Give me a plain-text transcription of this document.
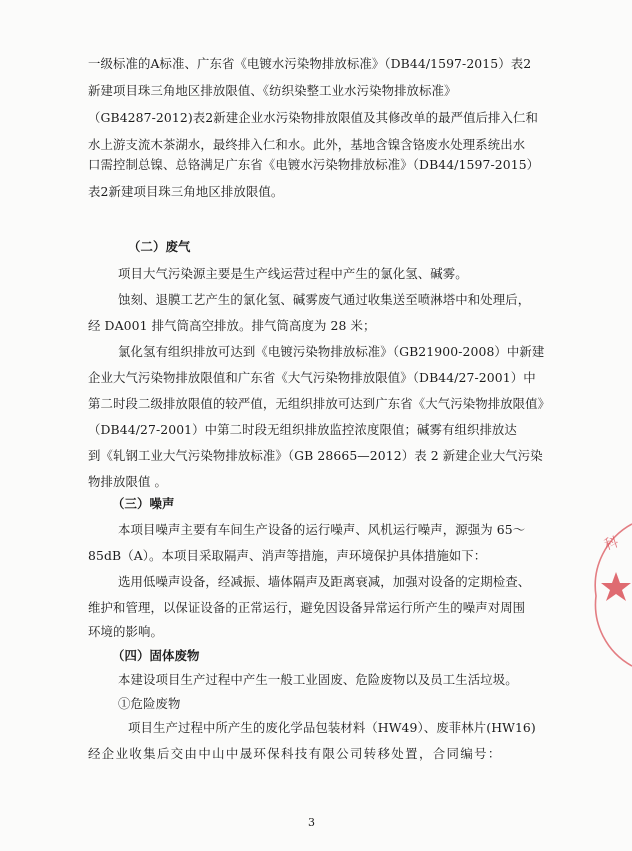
一级标准的A标准、广东省《电镀水污染物排放标准》（DB44/1597-2015）表2

新建项目珠三角地区排放限值、《纺织染整工业水污染物排放标准》

（GB4287-2012)表2新建企业水污染物排放限值及其修改单的最严值后排入仁和

水上游支流木茶湖水，最终排入仁和水。此外，基地含镍含铬废水处理系统出水

口需控制总镍、总铬满足广东省《电镀水污染物排放标准》（DB44/1597-2015）

表2新建项目珠三角地区排放限值。

（二）废气

项目大气污染源主要是生产线运营过程中产生的氯化氢、碱雾。

蚀刻、退膜工艺产生的氯化氢、碱雾废气通过收集送至喷淋塔中和处理后，

经 DA001 排气筒高空排放。排气筒高度为 28 米；

氯化氢有组织排放可达到《电镀污染物排放标准》（GB21900-2008）中新建

企业大气污染物排放限值和广东省《大气污染物排放限值》（DB44/27-2001）中

第二时段二级排放限值的较严值，无组织排放可达到广东省《大气污染物排放限值》

（DB44/27-2001）中第二时段无组织排放监控浓度限值；碱雾有组织排放达

到《轧钢工业大气污染物排放标准》（GB 28665—2012）表 2 新建企业大气污染

物排放限值 。

（三）噪声

本项目噪声主要有车间生产设备的运行噪声、风机运行噪声，源强为 65～

85dB（A）。本项目采取隔声、消声等措施，声环境保护具体措施如下：

选用低噪声设备，经减振、墙体隔声及距离衰减，加强对设备的定期检查、

维护和管理，以保证设备的正常运行，避免因设备异常运行所产生的噪声对周围

环境的影响。

（四）固体废物

本建设项目生产过程中产生一般工业固废、危险废物以及员工生活垃圾。

①危险废物

项目生产过程中所产生的废化学品包装材料（HW49）、废菲林片(HW16)

经企业收集后交由中山中晟环保科技有限公司转移处置，合同编号：

3

科
